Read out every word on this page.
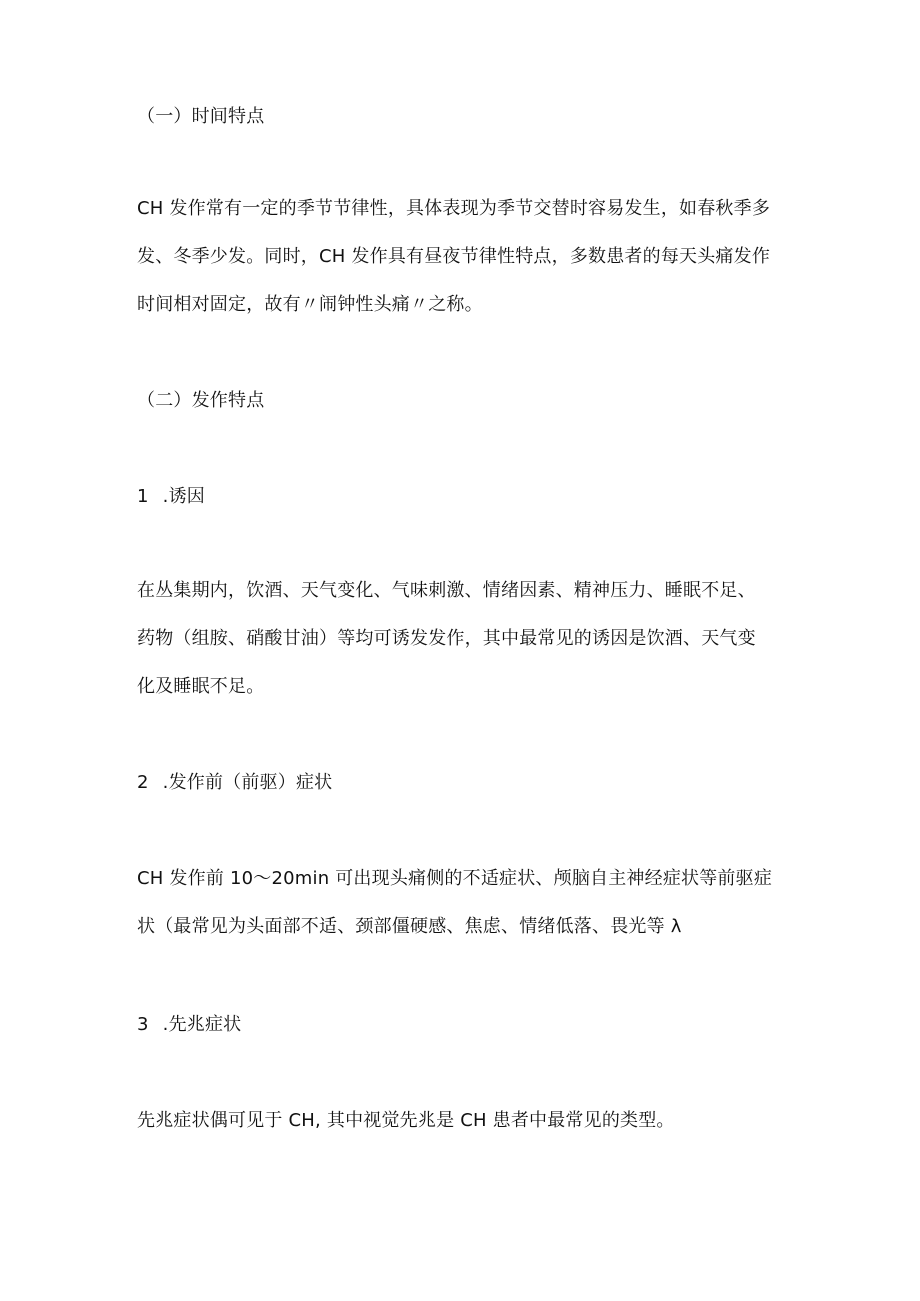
（一）时间特点
CH 发作常有一定的季节节律性，具体表现为季节交替时容易发生，如春秋季多
发、冬季少发。同时，CH 发作具有昼夜节律性特点，多数患者的每天头痛发作
时间相对固定，故有〃闹钟性头痛〃之称。
（二）发作特点
1 .诱因
在丛集期内，饮酒、天气变化、气味刺激、情绪因素、精神压力、睡眠不足、
药物（组胺、硝酸甘油）等均可诱发发作，其中最常见的诱因是饮酒、天气变
化及睡眠不足。
2 .发作前（前驱）症状
CH 发作前 10～20min 可出现头痛侧的不适症状、颅脑自主神经症状等前驱症
状（最常见为头面部不适、颈部僵硬感、焦虑、情绪低落、畏光等 λ
3 .先兆症状
先兆症状偶可见于 CH, 其中视觉先兆是 CH 患者中最常见的类型。
